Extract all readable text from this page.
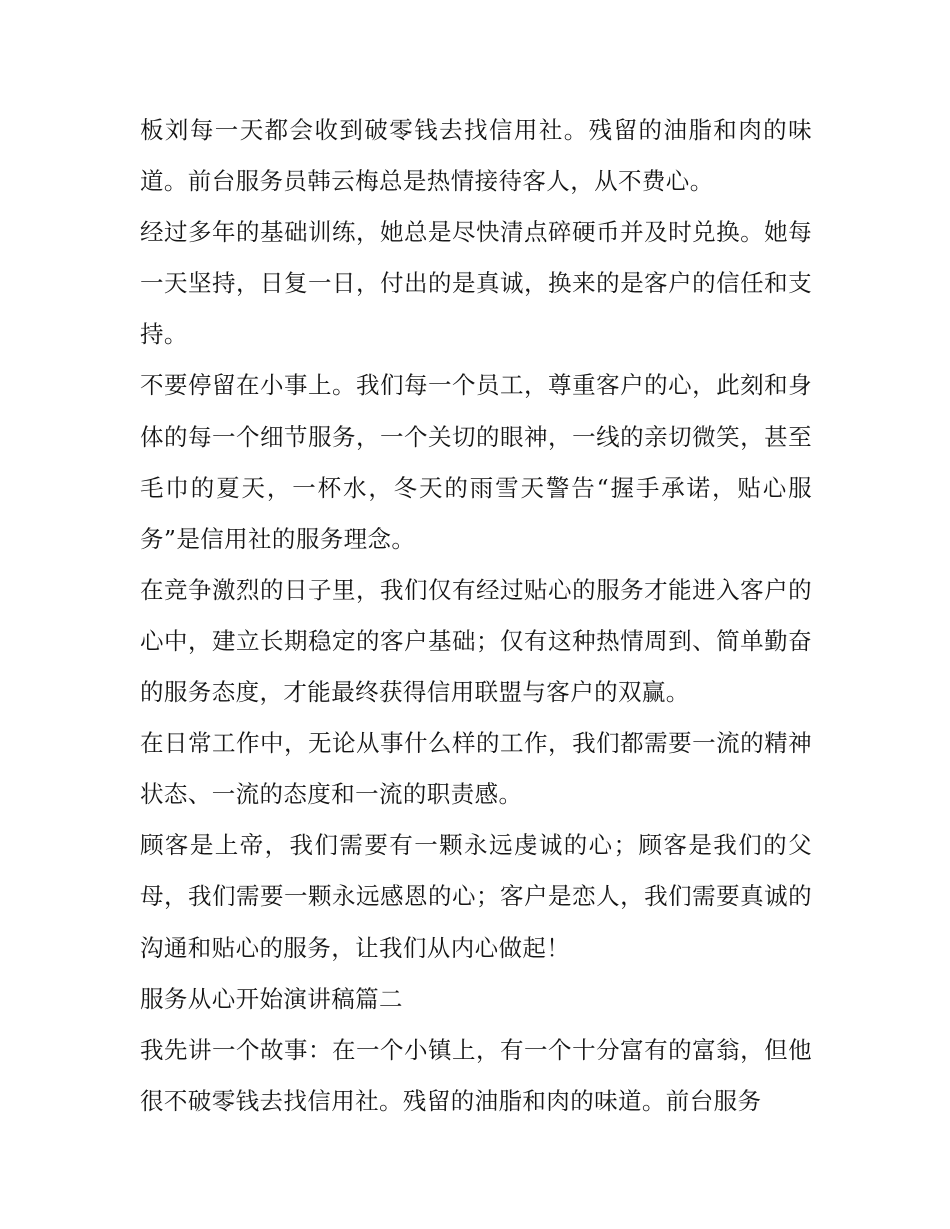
板刘每一天都会收到破零钱去找信用社。残留的油脂和肉的味道。前台服务员韩云梅总是热情接待客人，从不费心。

经过多年的基础训练，她总是尽快清点碎硬币并及时兑换。她每一天坚持，日复一日，付出的是真诚，换来的是客户的信任和支持。

不要停留在小事上。我们每一个员工，尊重客户的心，此刻和身体的每一个细节服务，一个关切的眼神，一线的亲切微笑，甚至毛巾的夏天，一杯水，冬天的雨雪天警告“握手承诺，贴心服务”是信用社的服务理念。

在竞争激烈的日子里，我们仅有经过贴心的服务才能进入客户的心中，建立长期稳定的客户基础；仅有这种热情周到、简单勤奋的服务态度，才能最终获得信用联盟与客户的双赢。

在日常工作中，无论从事什么样的工作，我们都需要一流的精神状态、一流的态度和一流的职责感。

顾客是上帝，我们需要有一颗永远虔诚的心；顾客是我们的父母，我们需要一颗永远感恩的心；客户是恋人，我们需要真诚的沟通和贴心的服务，让我们从内心做起！

服务从心开始演讲稿篇二

我先讲一个故事：在一个小镇上，有一个十分富有的富翁，但他很不破零钱去找信用社。残留的油脂和肉的味道。前台服务
